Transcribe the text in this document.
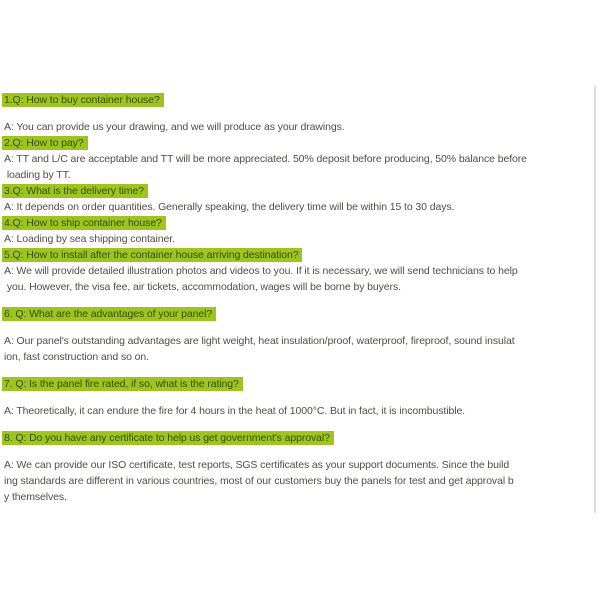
1.Q: How to buy container house?
A: You can provide us your drawing, and we will produce as your drawings.
2.Q: How to pay?
A: TT and L/C are acceptable and TT will be more appreciated. 50% deposit before producing, 50% balance before
loading by TT.
3.Q: What is the delivery time?
A: It depends on order quantities. Generally speaking, the delivery time will be within 15 to 30 days.
4.Q: How to ship container house?
A: Loading by sea shipping container.
5.Q: How to install after the container house arriving destination?
A: We will provide detailed illustration photos and videos to you. If it is necessary, we will send technicians to help
you. However, the visa fee, air tickets, accommodation, wages will be borne by buyers.
6. Q: What are the advantages of your panel?
A: Our panel's outstanding advantages are light weight, heat insulation/proof, waterproof, fireproof, sound insulat
ion, fast construction and so on.
7. Q: Is the panel fire rated, if so, what is the rating?
A: Theoretically, it can endure the fire for 4 hours in the heat of 1000°C. But in fact, it is incombustible.
8. Q: Do you have any certificate to help us get government's approval?
A: We can provide our ISO certificate, test reports, SGS certificates as your support documents. Since the build
ing standards are different in various countries, most of our customers buy the panels for test and get approval b
y themselves.
